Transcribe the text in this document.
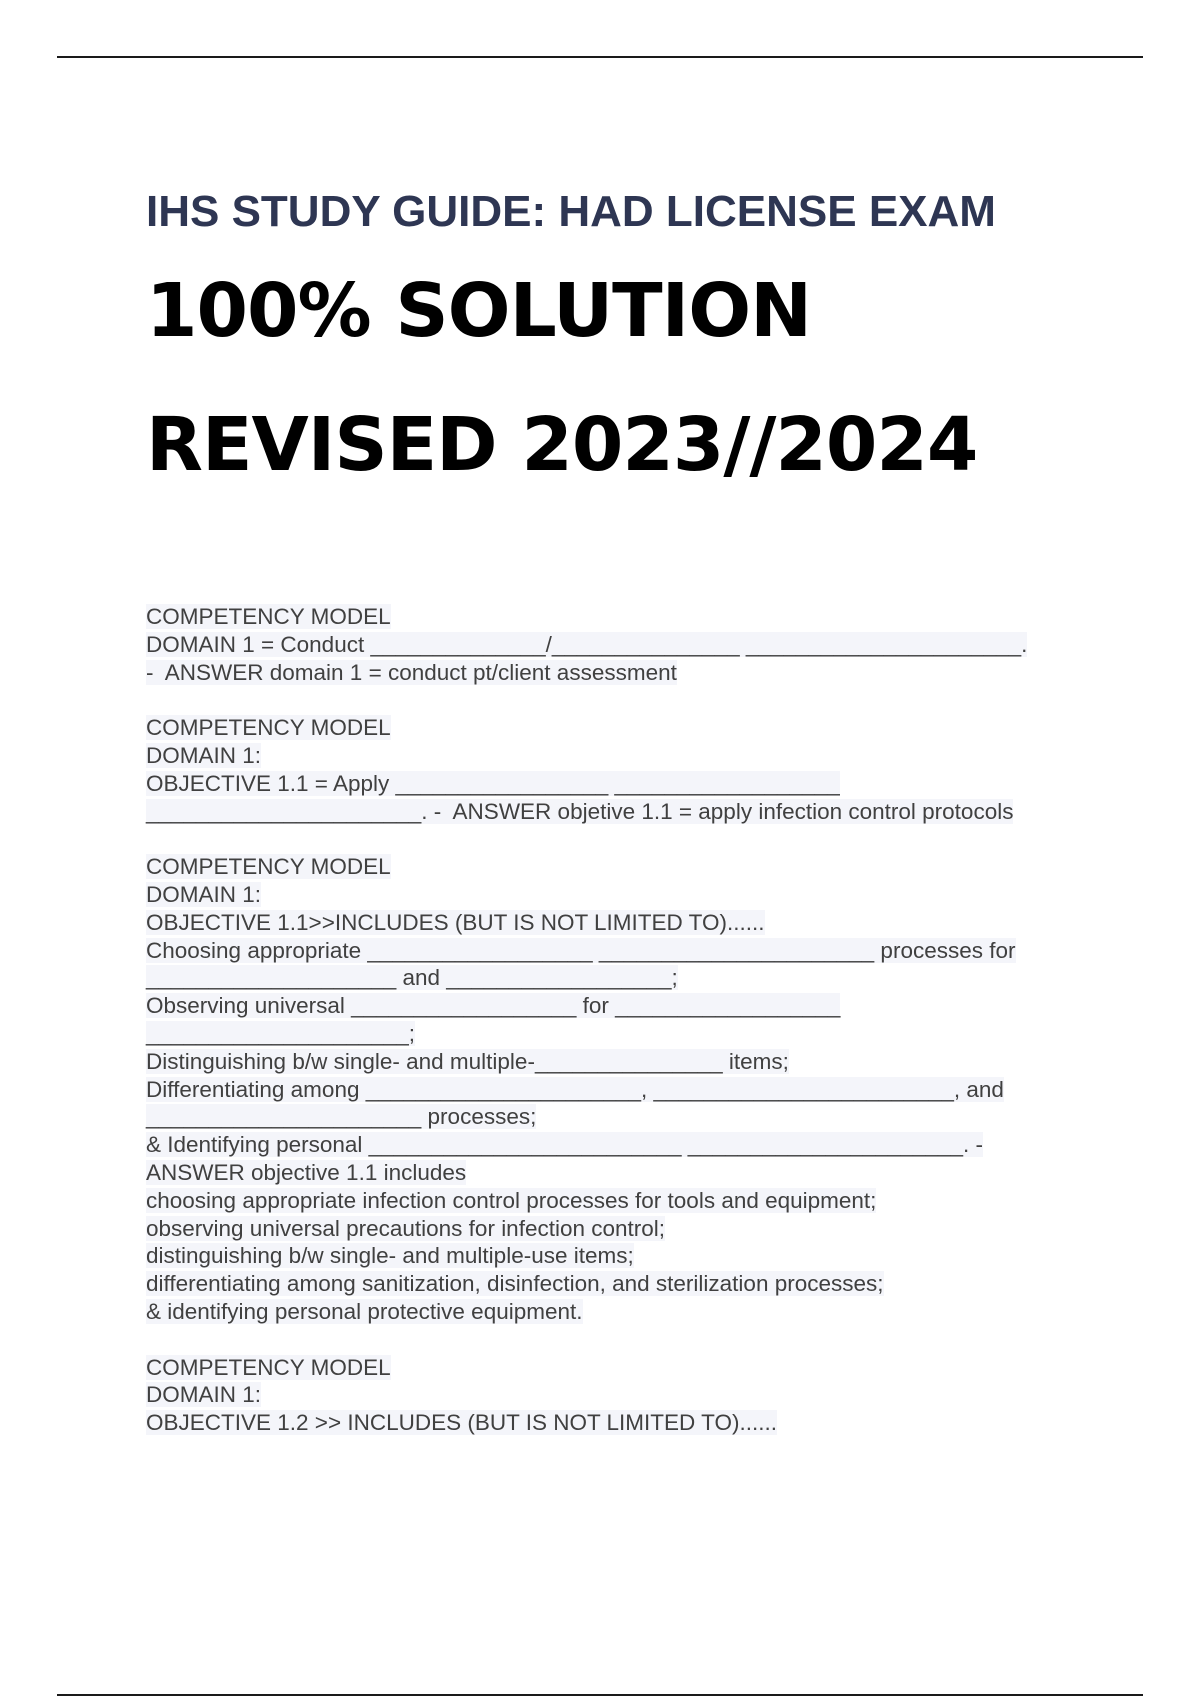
IHS STUDY GUIDE: HAD LICENSE EXAM
100% SOLUTION
REVISED 2023//2024
COMPETENCY MODEL
DOMAIN 1 = Conduct ______________/_______________ ______________________.
-  ANSWER domain 1 = conduct pt/client assessment
COMPETENCY MODEL
DOMAIN 1:
OBJECTIVE 1.1 = Apply _________________ __________________
______________________. -  ANSWER objetive 1.1 = apply infection control protocols
COMPETENCY MODEL
DOMAIN 1:
OBJECTIVE 1.1>>INCLUDES (BUT IS NOT LIMITED TO)......
Choosing appropriate __________________ ______________________ processes for
____________________ and __________________;
Observing universal __________________ for __________________
_____________________;
Distinguishing b/w single- and multiple-_______________ items;
Differentiating among ______________________, ________________________, and
______________________ processes;
& Identifying personal _________________________ ______________________. -
ANSWER objective 1.1 includes
choosing appropriate infection control processes for tools and equipment;
observing universal precautions for infection control;
distinguishing b/w single- and multiple-use items;
differentiating among sanitization, disinfection, and sterilization processes;
& identifying personal protective equipment.
COMPETENCY MODEL
DOMAIN 1:
OBJECTIVE 1.2 >> INCLUDES (BUT IS NOT LIMITED TO)......
